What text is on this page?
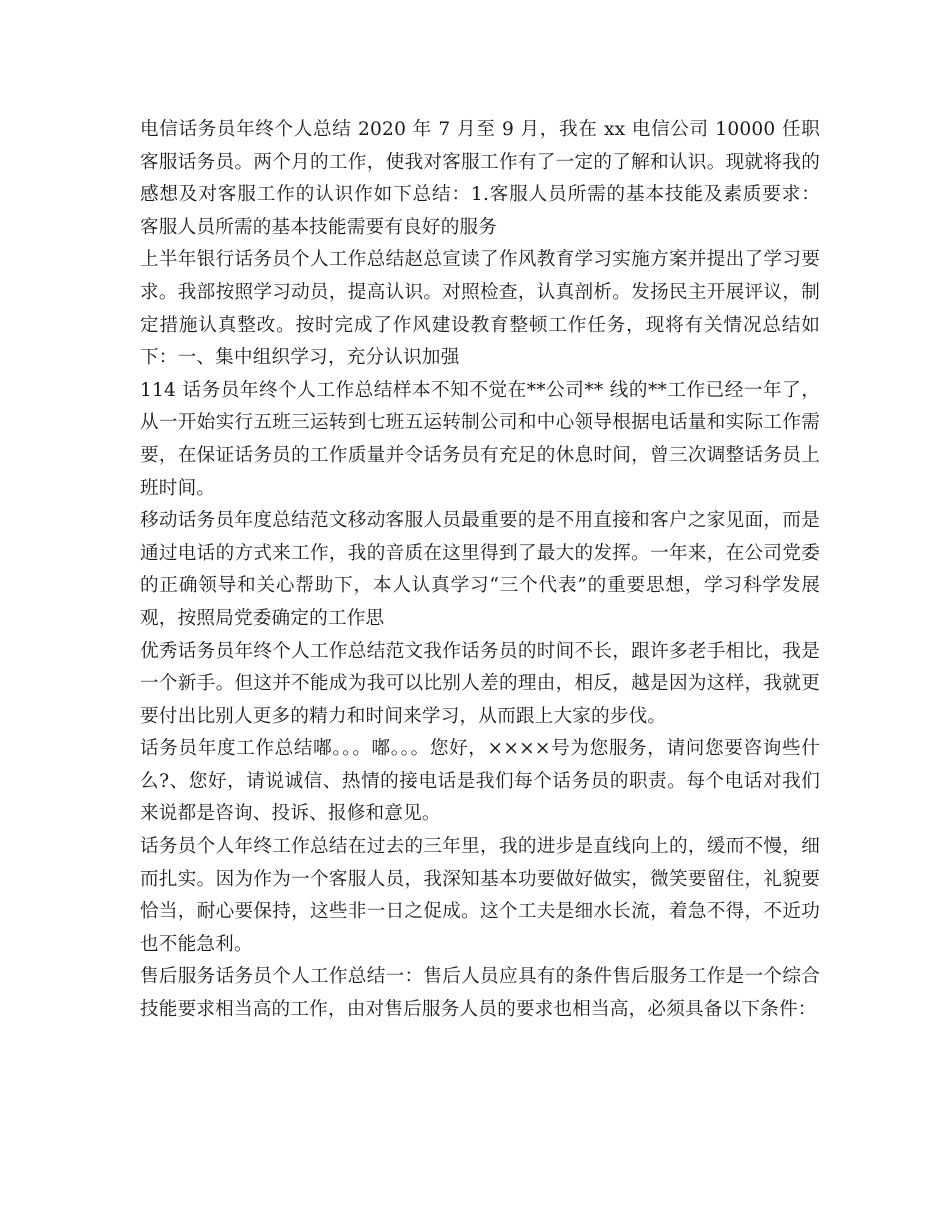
电信话务员年终个人总结 2020 年 7 月至 9 月，我在 xx 电信公司 10000 任职客服话务员。两个月的工作，使我对客服工作有了一定的了解和认识。现就将我的感想及对客服工作的认识作如下总结：1.客服人员所需的基本技能及素质要求： 客服人员所需的基本技能需要有良好的服务

上半年银行话务员个人工作总结赵总宣读了作风教育学习实施方案并提出了学习要求。我部按照学习动员，提高认识。对照检查，认真剖析。发扬民主开展评议，制定措施认真整改。按时完成了作风建设教育整顿工作任务，现将有关情况总结如下：一、集中组织学习，充分认识加强

114 话务员年终个人工作总结样本不知不觉在**公司** 线的**工作已经一年了，从一开始实行五班三运转到七班五运转制公司和中心领导根据电话量和实际工作需要，在保证话务员的工作质量并令话务员有充足的休息时间，曾三次调整话务员上班时间。

移动话务员年度总结范文移动客服人员最重要的是不用直接和客户之家见面，而是通过电话的方式来工作，我的音质在这里得到了最大的发挥。一年来，在公司党委的正确领导和关心帮助下，本人认真学习“三个代表”的重要思想，学习科学发展观，按照局党委确定的工作思

优秀话务员年终个人工作总结范文我作话务员的时间不长，跟许多老手相比，我是一个新手。但这并不能成为我可以比别人差的理由，相反，越是因为这样，我就更要付出比别人更多的精力和时间来学习，从而跟上大家的步伐。

话务员年度工作总结嘟。。。嘟。。。您好，××××号为您服务，请问您要咨询些什么?、您好，请说诚信、热情的接电话是我们每个话务员的职责。每个电话对我们来说都是咨询、投诉、报修和意见。

话务员个人年终工作总结在过去的三年里，我的进步是直线向上的，缓而不慢，细而扎实。因为作为一个客服人员，我深知基本功要做好做实，微笑要留住，礼貌要恰当，耐心要保持，这些非一日之促成。这个工夫是细水长流，着急不得，不近功也不能急利。

售后服务话务员个人工作总结一：售后人员应具有的条件售后服务工作是一个综合技能要求相当高的工作，由对售后服务人员的要求也相当高，必须具备以下条件：
